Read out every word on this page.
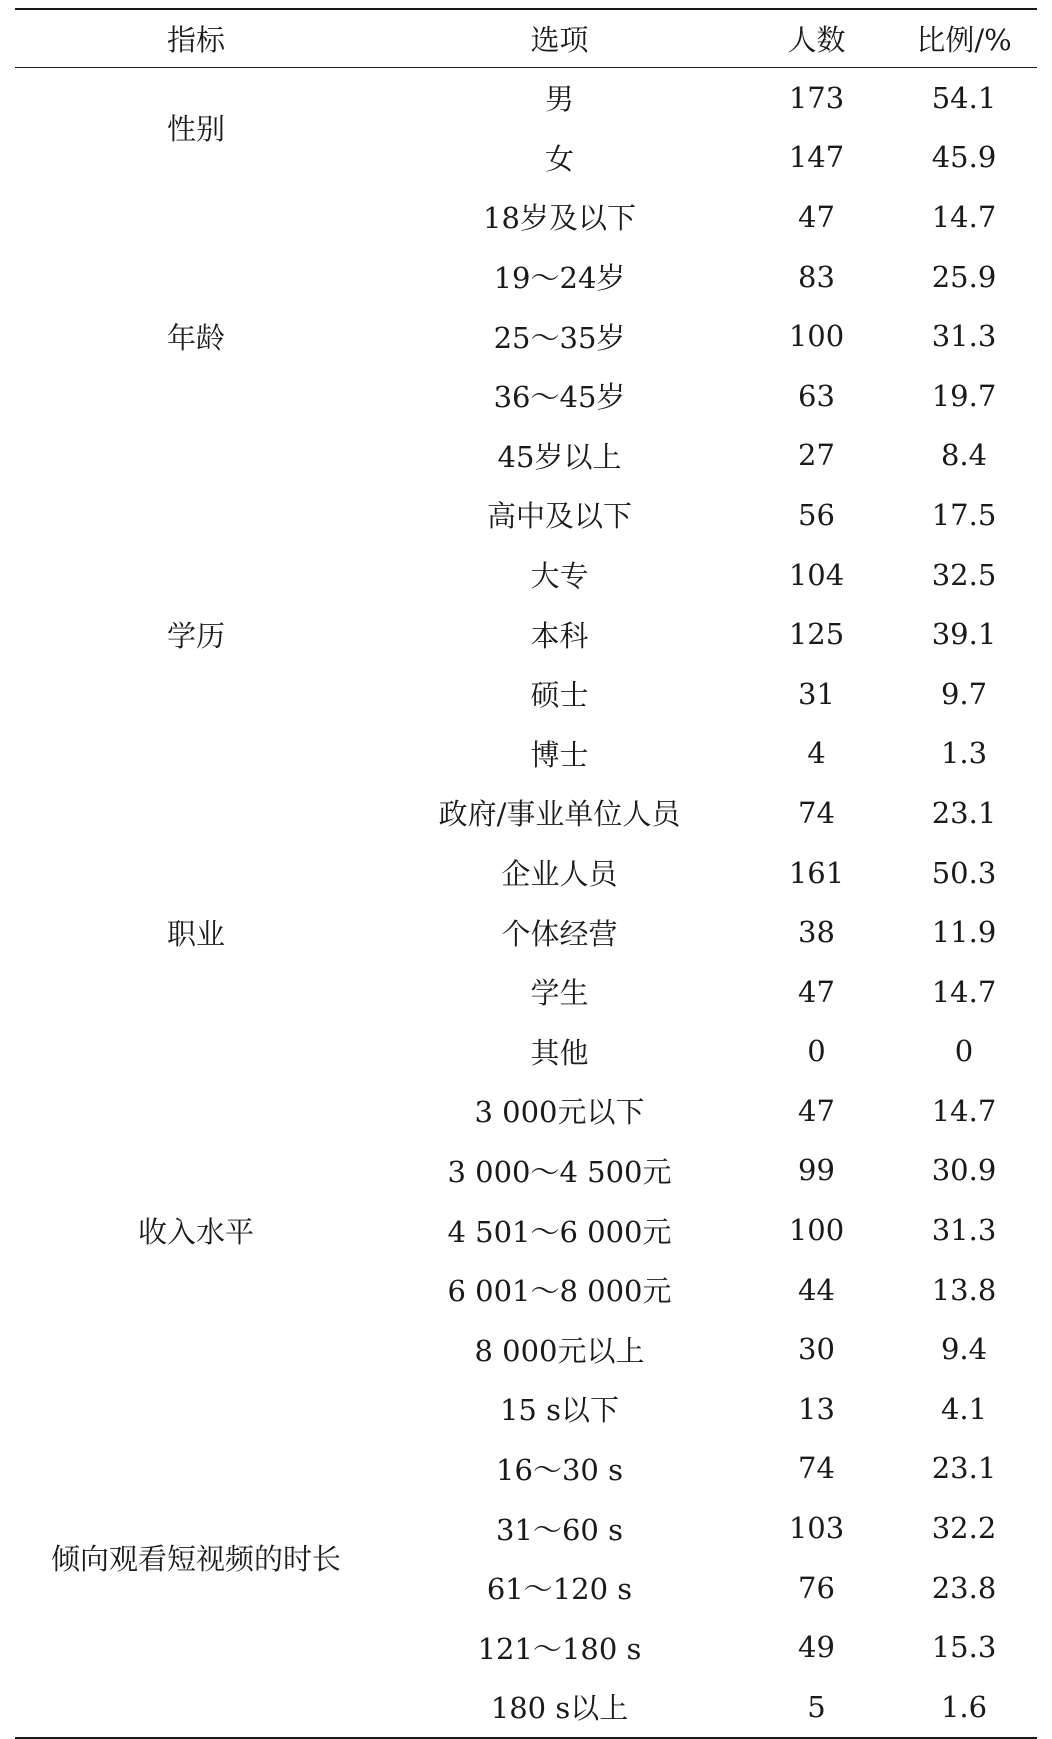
指标	选项	人数	比例/%
性别	男	173	54.1
	女	147	45.9
年龄	18岁及以下	47	14.7
	19～24岁	83	25.9
	25～35岁	100	31.3
	36～45岁	63	19.7
	45岁以上	27	8.4
学历	高中及以下	56	17.5
	大专	104	32.5
	本科	125	39.1
	硕士	31	9.7
	博士	4	1.3
职业	政府/事业单位人员	74	23.1
	企业人员	161	50.3
	个体经营	38	11.9
	学生	47	14.7
	其他	0	0
收入水平	3 000元以下	47	14.7
	3 000～4 500元	99	30.9
	4 501～6 000元	100	31.3
	6 001～8 000元	44	13.8
	8 000元以上	30	9.4
倾向观看短视频的时长	15 s以下	13	4.1
	16～30 s	74	23.1
	31～60 s	103	32.2
	61～120 s	76	23.8
	121～180 s	49	15.3
	180 s以上	5	1.6
